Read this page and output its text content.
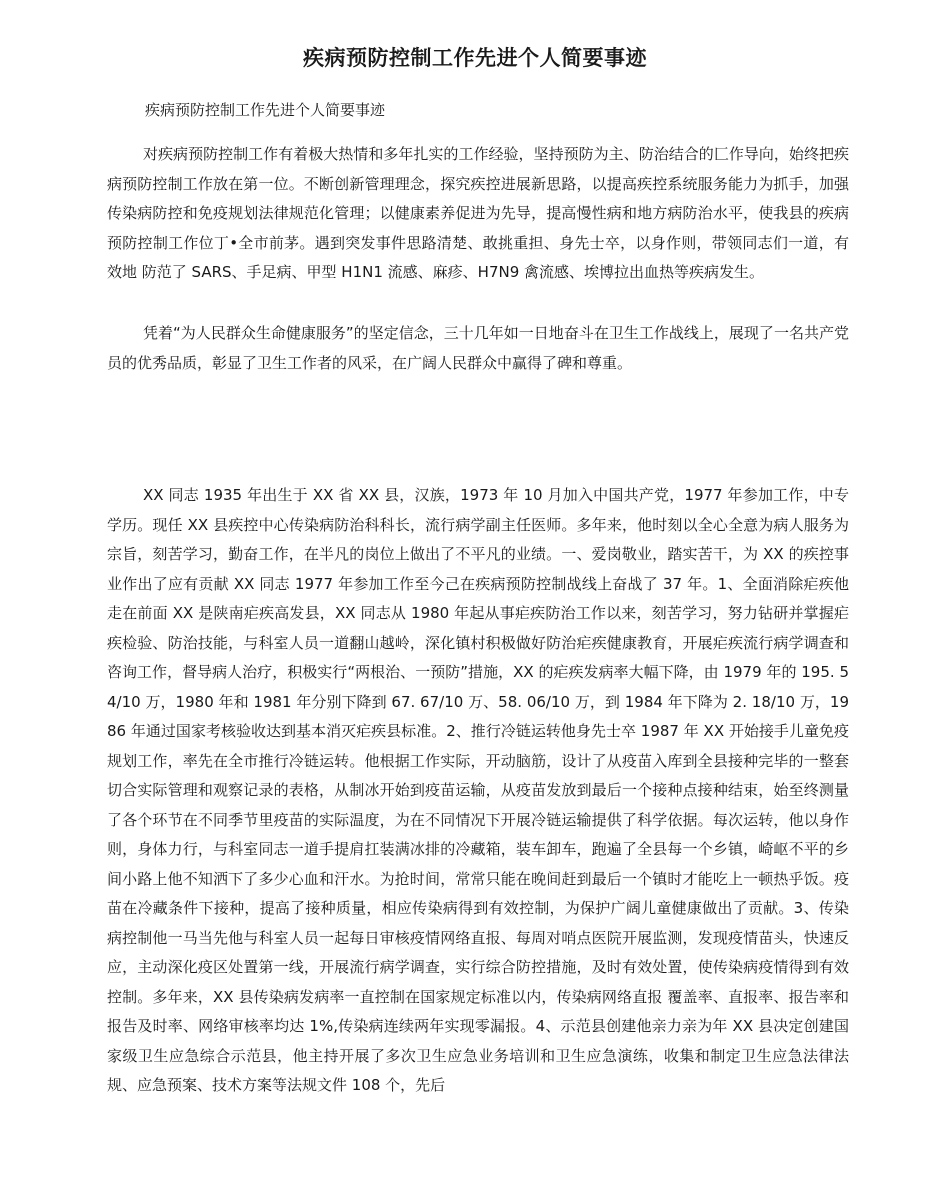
疾病预防控制工作先进个人简要事迹

疾病预防控制工作先进个人简要事迹

对疾病预防控制工作有着极大热情和多年扎实的工作经验，坚持预防为主、防治结合的匚作导向，始终把疾病预防控制工作放在第一位。不断创新管理理念，探究疾控进展新思路，以提高疾控系统服务能力为抓手，加强传染病防控和免疫规划法律规范化管理；以健康素养促进为先导，提高慢性病和地方病防治水平，使我县的疾病预防控制工作位丁•全市前茅。遇到突发事件思路清楚、敢挑重担、身先士卒，以身作则，带领同志们一道，有效地 防范了 SARS、手足病、甲型 H1N1 流感、麻疹、H7N9 禽流感、埃博拉出血热等疾病发生。

凭着“为人民群众生命健康服务”的坚定信念，三十几年如一日地奋斗在卫生工作战线上，展现了一名共产党员的优秀品质，彰显了卫生工作者的风采，在广阔人民群众中赢得了碑和尊重。

XX 同志 1935 年出生于 XX 省 XX 县，汉族，1973 年 10 月加入中国共产党，1977 年参加工作，中专学历。现任 XX 县疾控中心传染病防治科科长，流行病学副主任医师。多年来，他时刻以全心全意为病人服务为宗旨，刻苦学习，勤奋工作，在半凡的岗位上做出了不平凡的业绩。一、爱岗敬业，踏实苦干，为 XX 的疾控事业作出了应有贡献 XX 同志 1977 年参加工作至今己在疾病预防控制战线上奋战了 37 年。1、全面消除疟疾他走在前面 XX 是陕南疟疾高发县，XX 同志从 1980 年起从事疟疾防治工作以来，刻苦学习，努力钻研并掌握疟疾检验、防治技能，与科室人员一道翻山越岭，深化镇村积极做好防治疟疾健康教育，开展疟疾流行病学调查和咨询工作，督导病人治疗，积极实行“两根治、一预防”措施，XX 的疟疾发病率大幅下降，由 1979 年的 195. 54/10 万，1980 年和 1981 年分别下降到 67. 67/10 万、58. 06/10 万，到 1984 年下降为 2. 18/10 万，1986 年通过国家考核验收达到基本消灭疟疾县标准。2、推行冷链运转他身先士卒 1987 年 XX 开始接手儿童免疫规划工作，率先在全市推行冷链运转。他根据工作实际，开动脑筋，设计了从疫苗入库到全县接种完毕的一整套切合实际管理和观察记录的表格，从制冰开始到疫苗运输，从疫苗发放到最后一个接种点接种结束，始至终测量了各个环节在不同季节里疫苗的实际温度，为在不同情况下开展冷链运输提供了科学依据。每次运转，他以身作则，身体力行，与科室同志一道手提肩扛装满冰排的冷藏箱，装车卸车，跑遍了全县每一个乡镇，崎岖不平的乡间小路上他不知洒下了多少心血和汗水。为抢时间，常常只能在晚间赶到最后一个镇时才能吃上一顿热乎饭。疫苗在冷藏条件下接种，提高了接种质量，相应传染病得到有效控制，为保护广阔儿童健康做出了贡献。3、传染病控制他一马当先他与科室人员一起每日审核疫情网络直报、每周对哨点医院开展监测，发现疫情苗头，快速反应，主动深化疫区处置第一线，开展流行病学调查，实行综合防控措施，及时有效处置，使传染病疫情得到有效控制。多年来，XX 县传染病发病率一直控制在国家规定标准以内，传染病网络直报 覆盖率、直报率、报告率和报告及时率、网络审核率均达 1%,传染病连续两年实现零漏报。4、示范县创建他亲力亲为年 XX 县决定创建国家级卫生应急综合示范县，他主持开展了多次卫生应急业务培训和卫生应急演练，收集和制定卫生应急法律法规、应急预案、技术方案等法规文件 108 个，先后
